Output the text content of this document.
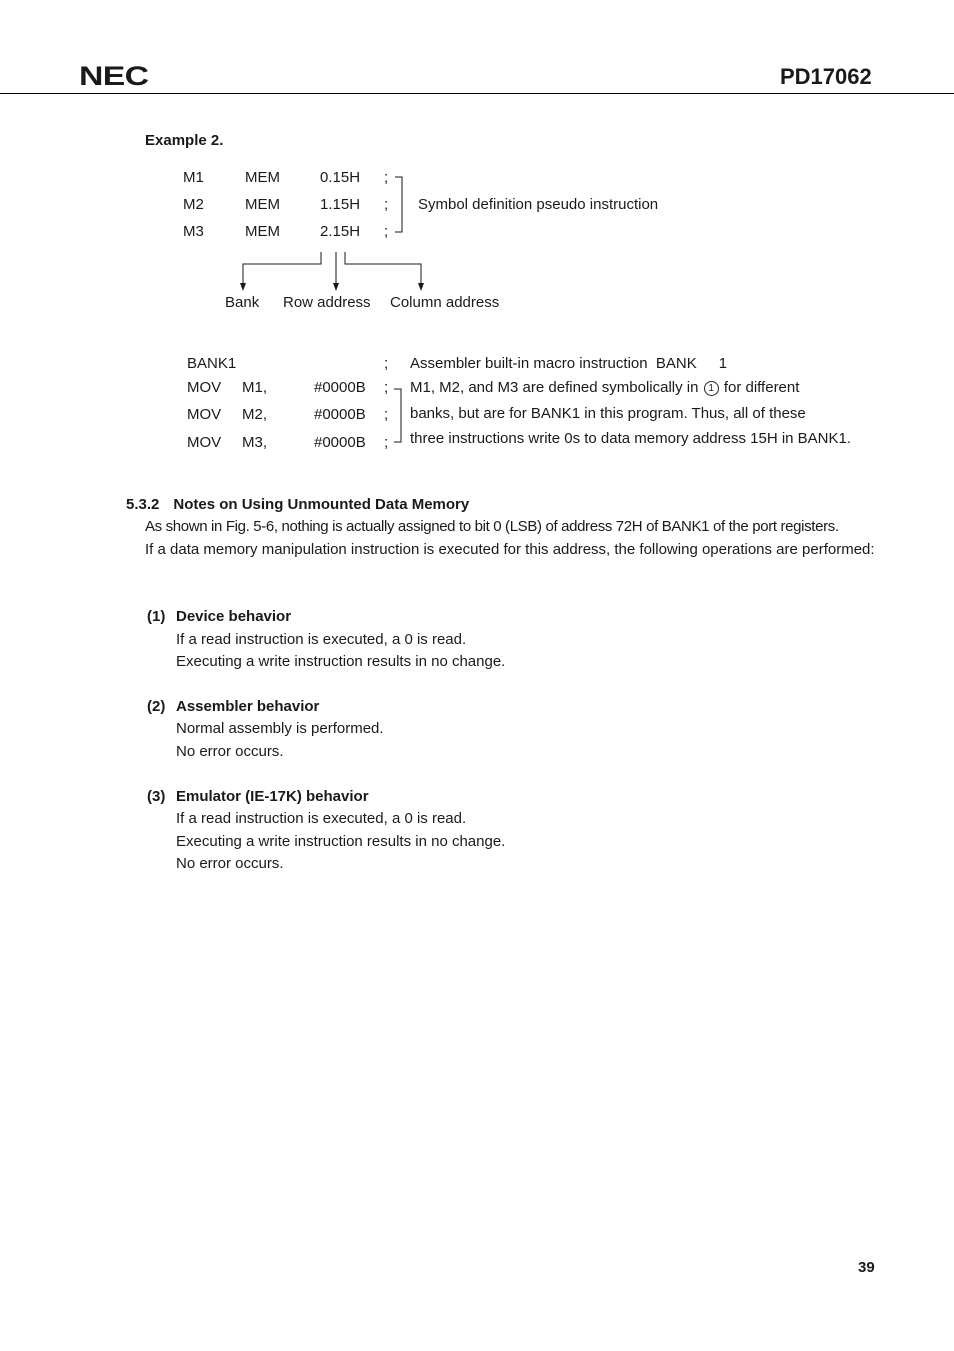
NEC	PD17062
Example 2.
M1	MEM	0.15H ;
M2	MEM	1.15H ;
M3	MEM	2.15H ;
Symbol definition pseudo instruction
Bank Row address Column address
BANK1	; Assembler built-in macro instruction  BANK 1
MOV M1,	#0000B ;
MOV M2,	#0000B ;
MOV M3,	#0000B ;
M1, M2, and M3 are defined symbolically in 1 for different
banks, but are for BANK1 in this program. Thus, all of these
three instructions write 0s to data memory address 15H in BANK1.
5.3.2 Notes on Using Unmounted Data Memory
As shown in Fig. 5-6, nothing is actually assigned to bit 0 (LSB) of address 72H of BANK1 of the port registers.
If a data memory manipulation instruction is executed for this address, the following operations are performed:
(1) Device behavior
If a read instruction is executed, a 0 is read.
Executing a write instruction results in no change.
(2) Assembler behavior
Normal assembly is performed.
No error occurs.
(3) Emulator (IE-17K) behavior
If a read instruction is executed, a 0 is read.
Executing a write instruction results in no change.
No error occurs.
39
